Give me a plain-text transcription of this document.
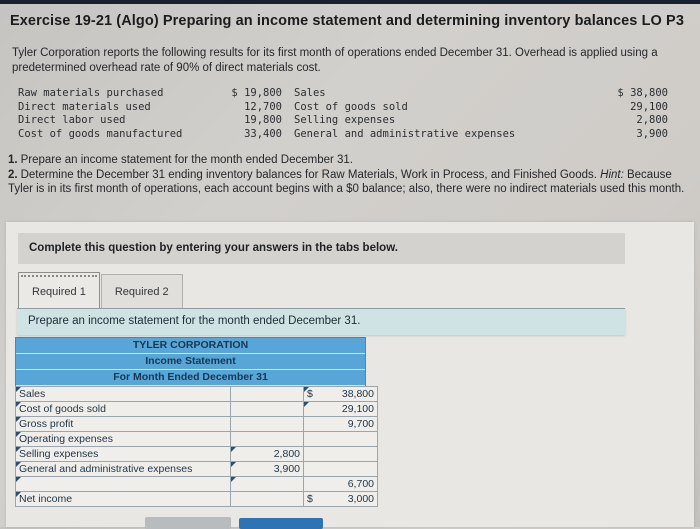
Exercise 19-21 (Algo) Preparing an income statement and determining inventory balances LO P3

Tyler Corporation reports the following results for its first month of operations ended December 31. Overhead is applied using a predetermined overhead rate of 90% of direct materials cost.

Raw materials purchased	$ 19,800	Sales	$ 38,800
Direct materials used	12,700	Cost of goods sold	29,100
Direct labor used	19,800	Selling expenses	2,800
Cost of goods manufactured	33,400	General and administrative expenses	3,900

1. Prepare an income statement for the month ended December 31.

2. Determine the December 31 ending inventory balances for Raw Materials, Work in Process, and Finished Goods. Hint: Because Tyler is in its first month of operations, each account begins with a $0 balance; also, there were no indirect materials used this month.

Complete this question by entering your answers in the tabs below.
Required 1	Required 2
Prepare an income statement for the month ended December 31.
TYLER CORPORATION
Income Statement
For Month Ended December 31
Sales		$ 38,800

Cost of goods sold		29,100
Gross profit		9,700
Operating expenses		
Selling expenses	2,800	
General and administrative expenses	3,900	
		6,700
Net income		$ 3,000
